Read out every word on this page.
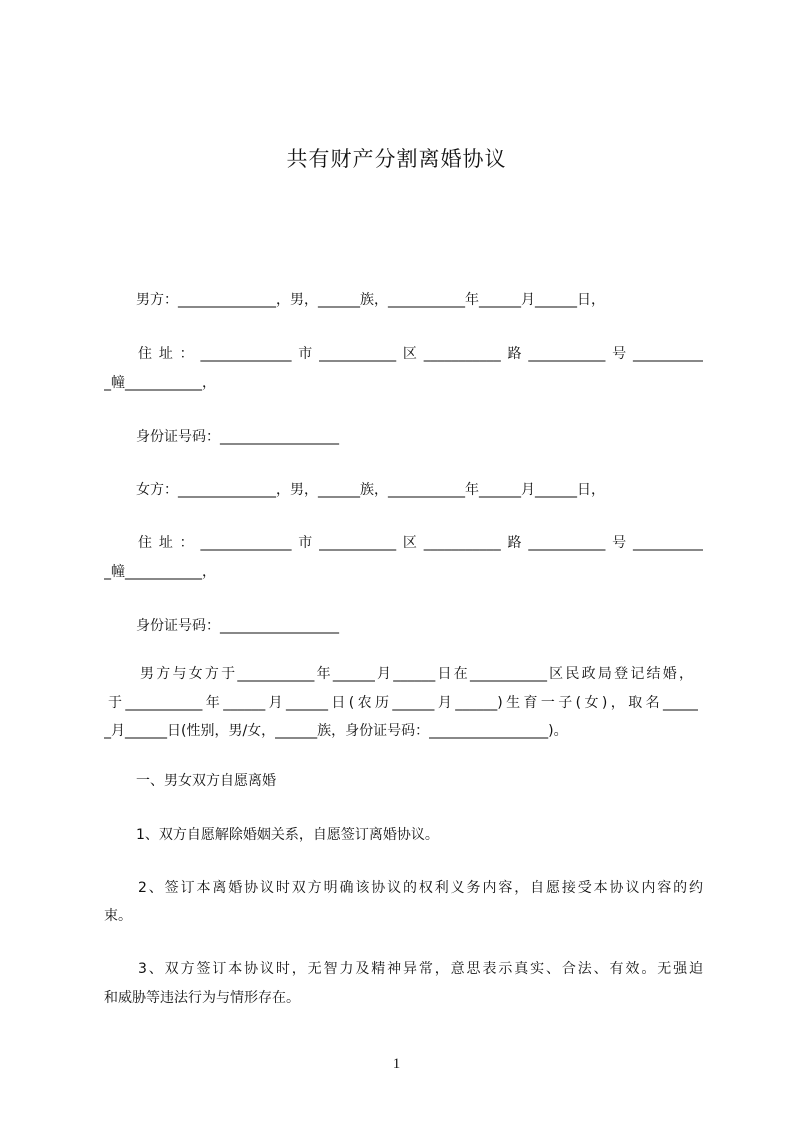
共有财产分割离婚协议
男方：______________，男，______族，___________年______月______日，
住址：_____________市___________区___________路___________号__________
_幢___________，
身份证号码：_________________
女方：______________，男，______族，___________年______月______日，
住址：_____________市___________区___________路___________号__________
_幢___________，
身份证号码：_________________
男方与女方于___________年______月______日在___________区民政局登记结婚，
于___________年______月______日(农历______月______)生育一子(女)，取名_____
_月______日(性别，男/女，______族，身份证号码：_________________)。
一、男女双方自愿离婚
1、双方自愿解除婚姻关系，自愿签订离婚协议。
2、签订本离婚协议时双方明确该协议的权利义务内容，自愿接受本协议内容的约
束。
3、双方签订本协议时，无智力及精神异常，意思表示真实、合法、有效。无强迫
和威胁等违法行为与情形存在。
1
